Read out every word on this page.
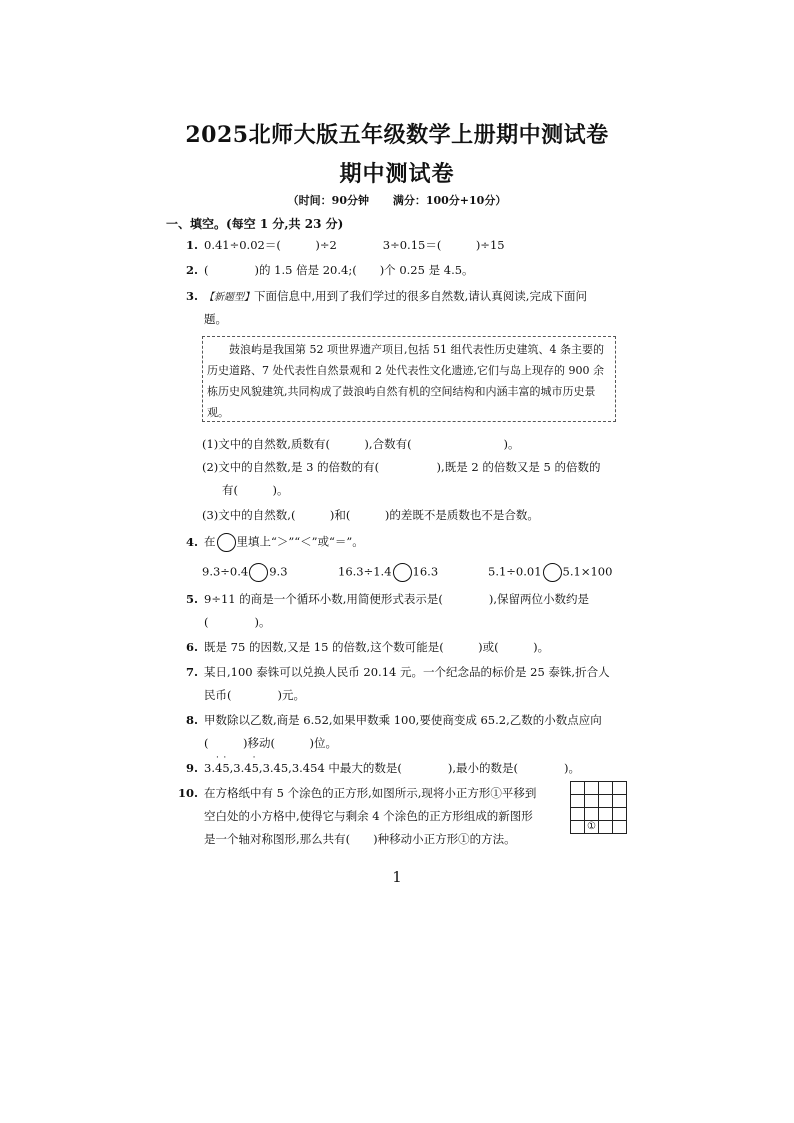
2025北师大版五年级数学上册期中测试卷
期中测试卷
（时间：90分钟 满分：100分+10分）
一、填空。(每空 1 分,共 23 分)
1. 0.41÷0.02＝(　　　)÷2　　　　3÷0.15＝(　　　)÷15
2. (　　　　)的 1.5 倍是 20.4;(　　)个 0.25 是 4.5。
3. 【新题型】下面信息中,用到了我们学过的很多自然数,请认真阅读,完成下面问
题。
鼓浪屿是我国第 52 项世界遗产项目,包括 51 组代表性历史建筑、4 条主要的历史道路、7 处代表性自然景观和 2 处代表性文化遗迹,它们与岛上现存的 900 余栋历史风貌建筑,共同构成了鼓浪屿自然有机的空间结构和内涵丰富的城市历史景观。
(1)文中的自然数,质数有(　　　),合数有(　　　　　　　　)。
(2)文中的自然数,是 3 的倍数的有(　　　　　),既是 2 的倍数又是 5 的倍数的
有(　　　)。
(3)文中的自然数,(　　　)和(　　　)的差既不是质数也不是合数。
4. 在 里填上“＞”“＜”或“＝”。
9.3÷0.4 9.3	16.3÷1.4 16.3	5.1÷0.01 5.1×100
5. 9÷11 的商是一个循环小数,用简便形式表示是(　　　　),保留两位小数约是
(　　　　)。
6. 既是 75 的因数,又是 15 的倍数,这个数可能是(　　　)或(　　　)。
7. 某日,100 泰铢可以兑换人民币 20.14 元。一个纪念品的标价是 25 泰铢,折合人
民币(　　　　)元。
8. 甲数除以乙数,商是 6.52,如果甲数乘 100,要使商变成 65.2,乙数的小数点应向
(　　　)移动(　　　)位。
9. 3.
·
4
·
5,3.4
·
5,3.45,3.454 中最大的数是(　　　　),最小的数是(　　　　)。
10. 在方格纸中有 5 个涂色的正方形,如图所示,现将小正方形①平移到
空白处的小方格中,使得它与剩余 4 个涂色的正方形组成的新图形
是一个轴对称图形,那么共有(　　)种移动小正方形①的方法。

	①		
1
